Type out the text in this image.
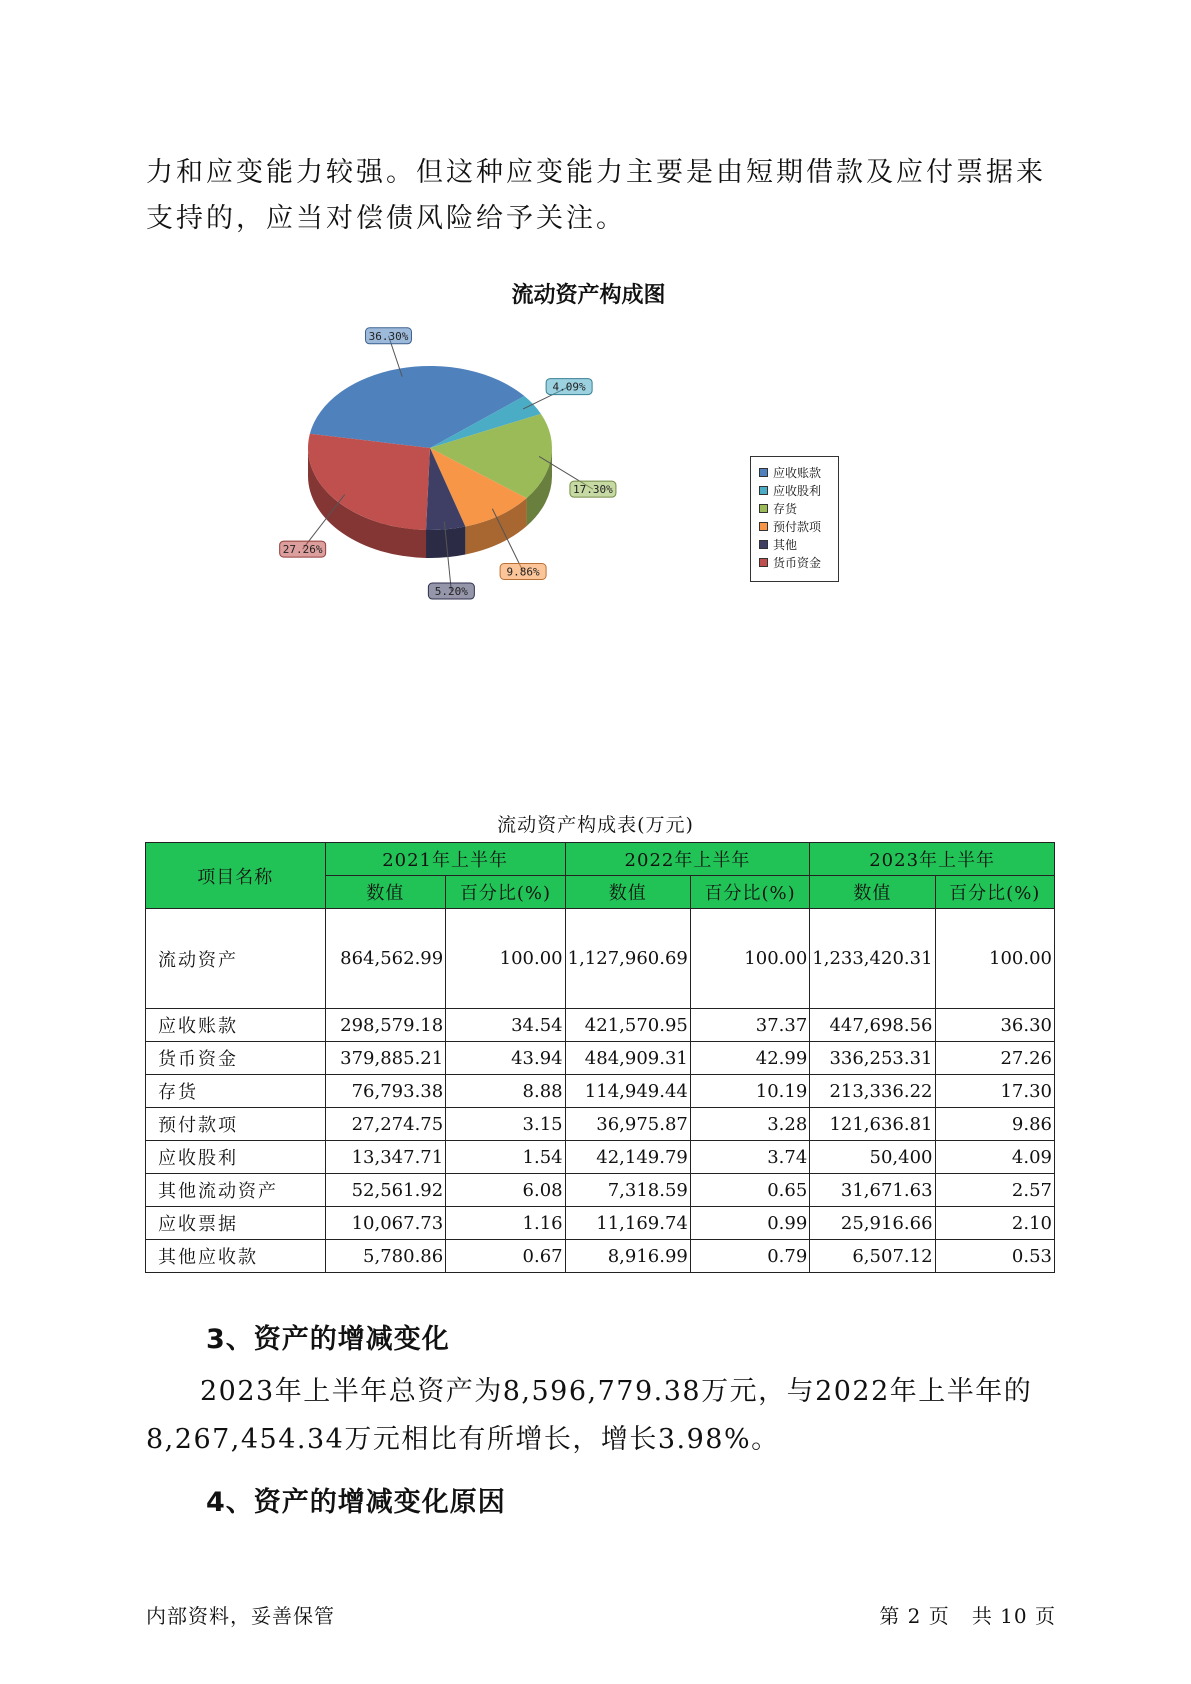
力和应变能力较强。但这种应变能力主要是由短期借款及应付票据来支持的，应当对偿债风险给予关注。
流动资产构成图
36.30%
4.09%
17.30%
9.86%
5.20%
27.26%
应收账款
应收股利
存货
预付款项
其他
货币资金
流动资产构成表(万元)
项目名称	2021年上半年		2022年上半年		2023年上半年	
	数值	百分比(%)	数值	百分比(%)	数值	百分比(%)
流动资产	864,562.99	100.00	1,127,960.69	100.00	1,233,420.31	100.00
应收账款	298,579.18	34.54	421,570.95	37.37	447,698.56	36.30
货币资金	379,885.21	43.94	484,909.31	42.99	336,253.31	27.26
存货	76,793.38	8.88	114,949.44	10.19	213,336.22	17.30
预付款项	27,274.75	3.15	36,975.87	3.28	121,636.81	9.86
应收股利	13,347.71	1.54	42,149.79	3.74	50,400	4.09
其他流动资产	52,561.92	6.08	7,318.59	0.65	31,671.63	2.57
应收票据	10,067.73	1.16	11,169.74	0.99	25,916.66	2.10
其他应收款	5,780.86	0.67	8,916.99	0.79	6,507.12	0.53
3、资产的增减变化
2023年上半年总资产为8,596,779.38万元，与2022年上半年的8,267,454.34万元相比有所增长，增长3.98%。
4、资产的增减变化原因
内部资料，妥善保管	第 2 页   共 10 页
